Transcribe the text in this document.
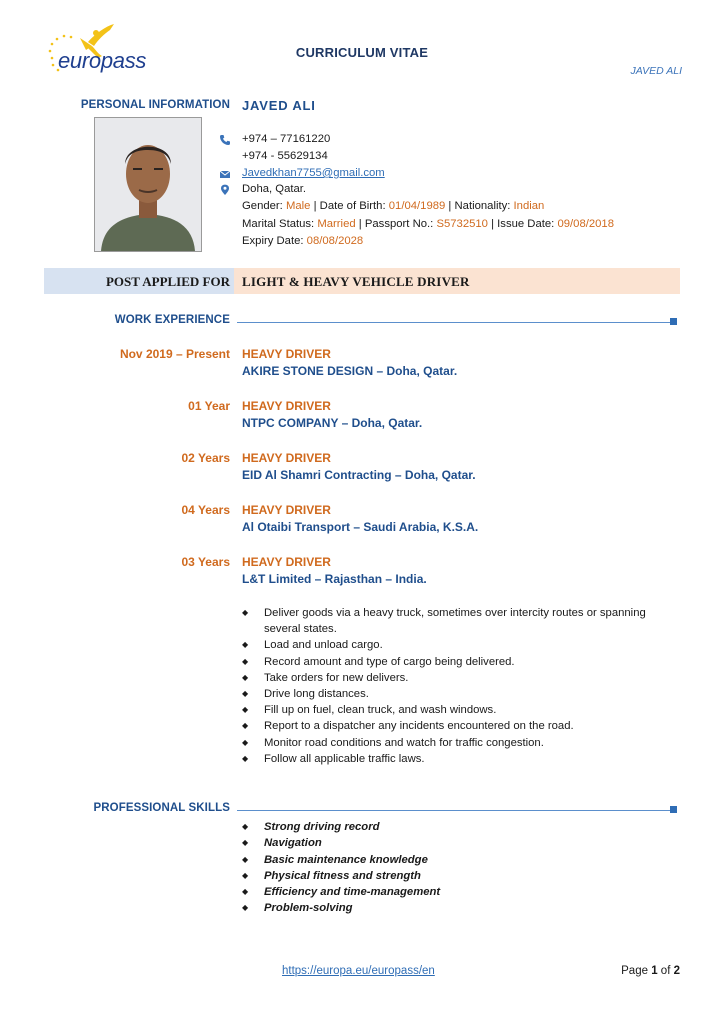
europass	CURRICULUM VITAE
JAVED ALI
PERSONAL INFORMATION JAVED ALI
+974 – 77161220
+974 - 55629134
Javedkhan7755@gmail.com
Doha, Qatar.
Gender: Male | Date of Birth: 01/04/1989 | Nationality: Indian
Marital Status: Married | Passport No.: S5732510 | Issue Date: 09/08/2018
Expiry Date: 08/08/2028
POST APPLIED FOR LIGHT & HEAVY VEHICLE DRIVER
WORK EXPERIENCE
Nov 2019 – Present HEAVY DRIVER
AKIRE STONE DESIGN – Doha, Qatar.
01 Year HEAVY DRIVER
NTPC COMPANY – Doha, Qatar.
02 Years HEAVY DRIVER
EID Al Shamri Contracting – Doha, Qatar.
04 Years HEAVY DRIVER
Al Otaibi Transport – Saudi Arabia, K.S.A.
03 Years HEAVY DRIVER
L&T Limited – Rajasthan – India.
◆	Deliver goods via a heavy truck, sometimes over intercity routes or spanning several states.
◆	Load and unload cargo.
◆	Record amount and type of cargo being delivered.
◆	Take orders for new delivers.
◆	Drive long distances.
◆	Fill up on fuel, clean truck, and wash windows.
◆	Report to a dispatcher any incidents encountered on the road.
◆	Monitor road conditions and watch for traffic congestion.
◆	Follow all applicable traffic laws.
PROFESSIONAL SKILLS
◆	Strong driving record
◆	Navigation
◆	Basic maintenance knowledge
◆	Physical fitness and strength
◆	Efficiency and time-management
◆	Problem-solving
https://europa.eu/europass/en	Page 1 of 2
